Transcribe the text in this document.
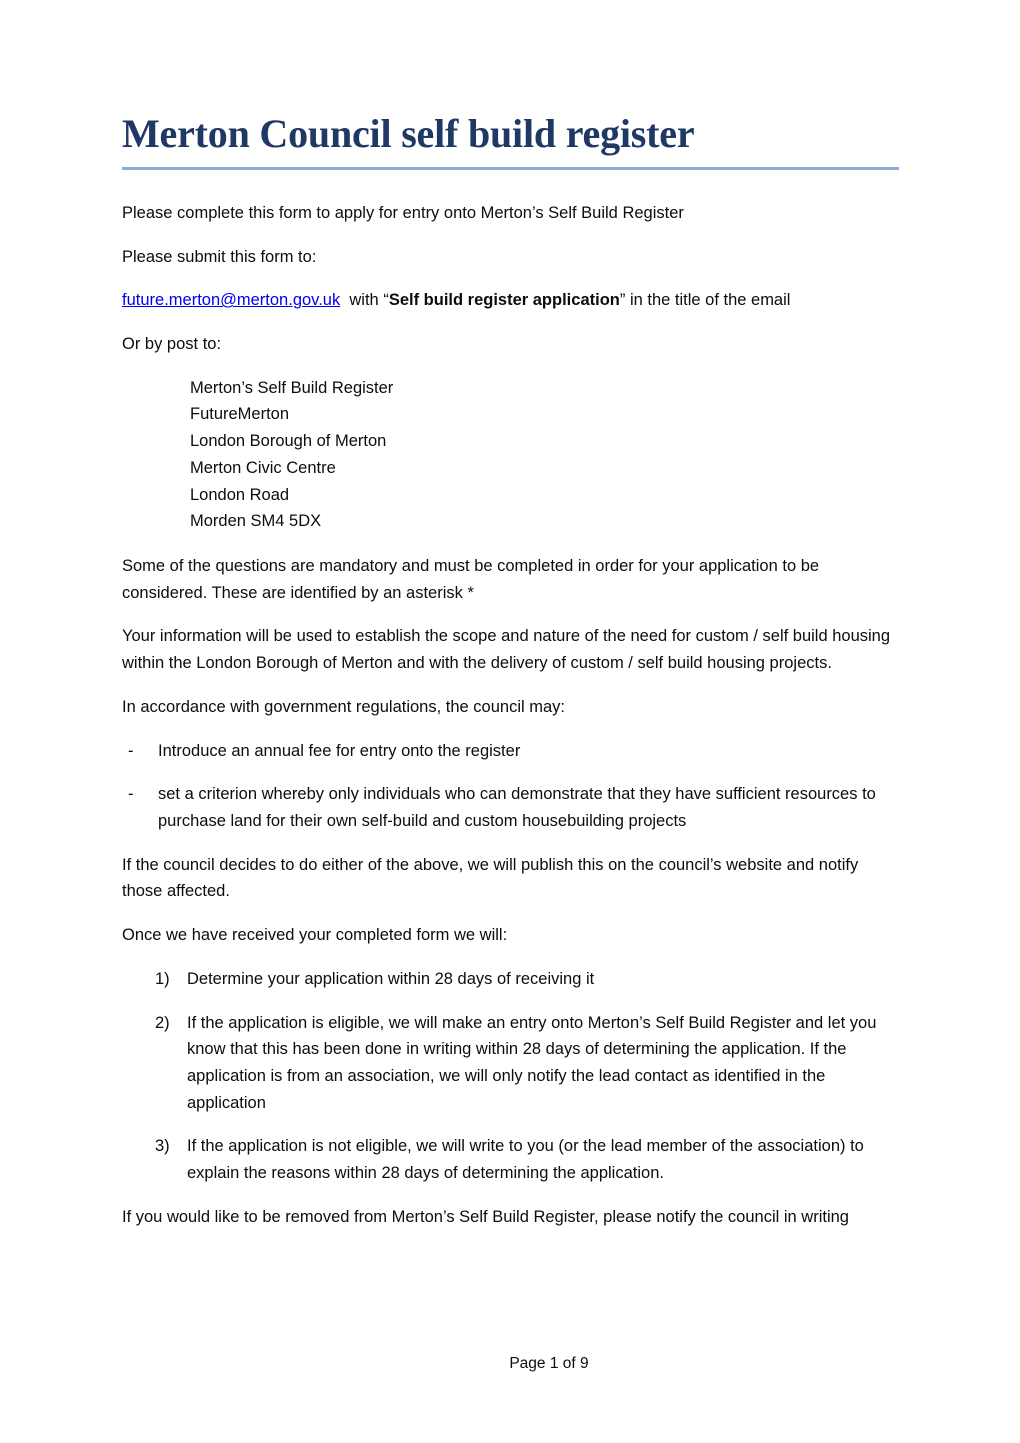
Merton Council self build register

Please complete this form to apply for entry onto Merton’s Self Build Register

Please submit this form to:

future.merton@merton.gov.uk with “Self build register application” in the title of the email

Or by post to:

Merton’s Self Build Register
FutureMerton
London Borough of Merton
Merton Civic Centre
London Road
Morden SM4 5DX

Some of the questions are mandatory and must be completed in order for your application to be considered. These are identified by an asterisk *

Your information will be used to establish the scope and nature of the need for custom / self build housing within the London Borough of Merton and with the delivery of custom / self build housing projects.

In accordance with government regulations, the council may:

- Introduce an annual fee for entry onto the register
- set a criterion whereby only individuals who can demonstrate that they have sufficient resources to purchase land for their own self-build and custom housebuilding projects

If the council decides to do either of the above, we will publish this on the council’s website and notify those affected.

Once we have received your completed form we will:

1) Determine your application within 28 days of receiving it
2) If the application is eligible, we will make an entry onto Merton’s Self Build Register and let you know that this has been done in writing within 28 days of determining the application. If the application is from an association, we will only notify the lead contact as identified in the application
3) If the application is not eligible, we will write to you (or the lead member of the association) to explain the reasons within 28 days of determining the application.

If you would like to be removed from Merton’s Self Build Register, please notify the council in writing

Page 1 of 9
